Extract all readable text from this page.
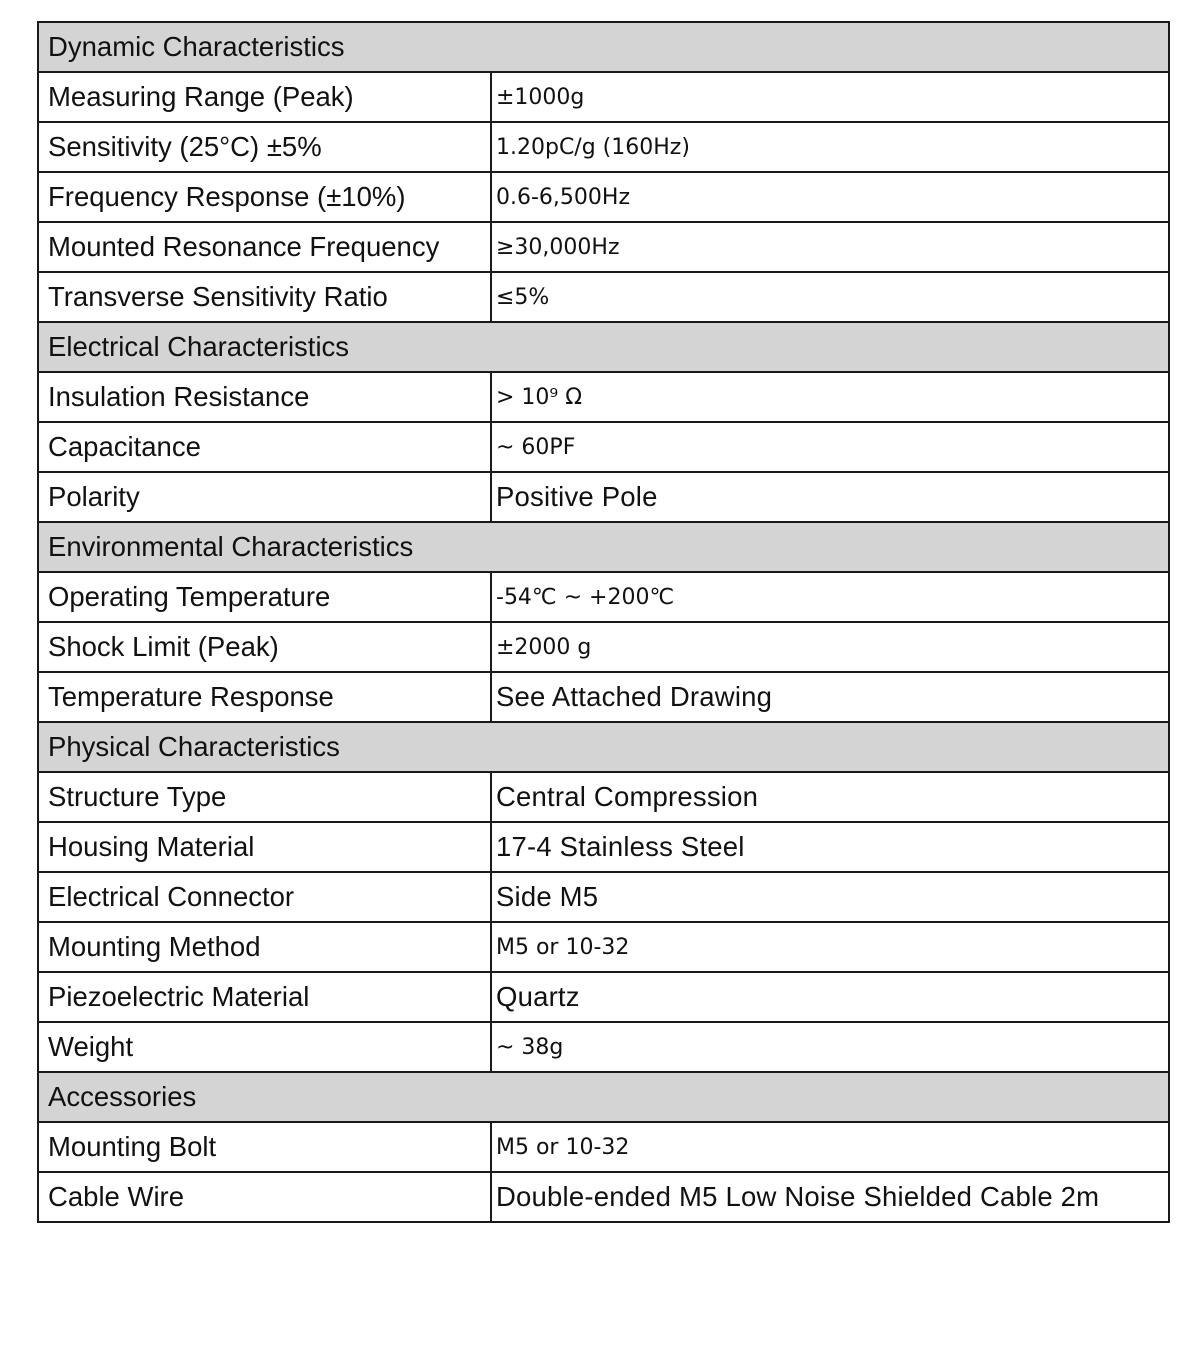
Dynamic Characteristics	
Measuring Range (Peak)	±1000g
Sensitivity (25°C) ±5%	1.20pC/g (160Hz)
Frequency Response (±10%)	0.6-6,500Hz
Mounted Resonance Frequency	≥30,000Hz
Transverse Sensitivity Ratio	≤5%
Electrical Characteristics	
Insulation Resistance	> 10⁹ Ω
Capacitance	~ 60PF
Polarity	Positive Pole
Environmental Characteristics	
Operating Temperature	-54℃ ~ +200℃
Shock Limit (Peak)	±2000 g
Temperature Response	See Attached Drawing
Physical Characteristics	
Structure Type	Central Compression
Housing Material	17-4 Stainless Steel
Electrical Connector	Side M5
Mounting Method	M5 or 10-32
Piezoelectric Material	Quartz
Weight	~ 38g
Accessories	
Mounting Bolt	M5 or 10-32
Cable Wire	Double-ended M5 Low Noise Shielded Cable 2m
